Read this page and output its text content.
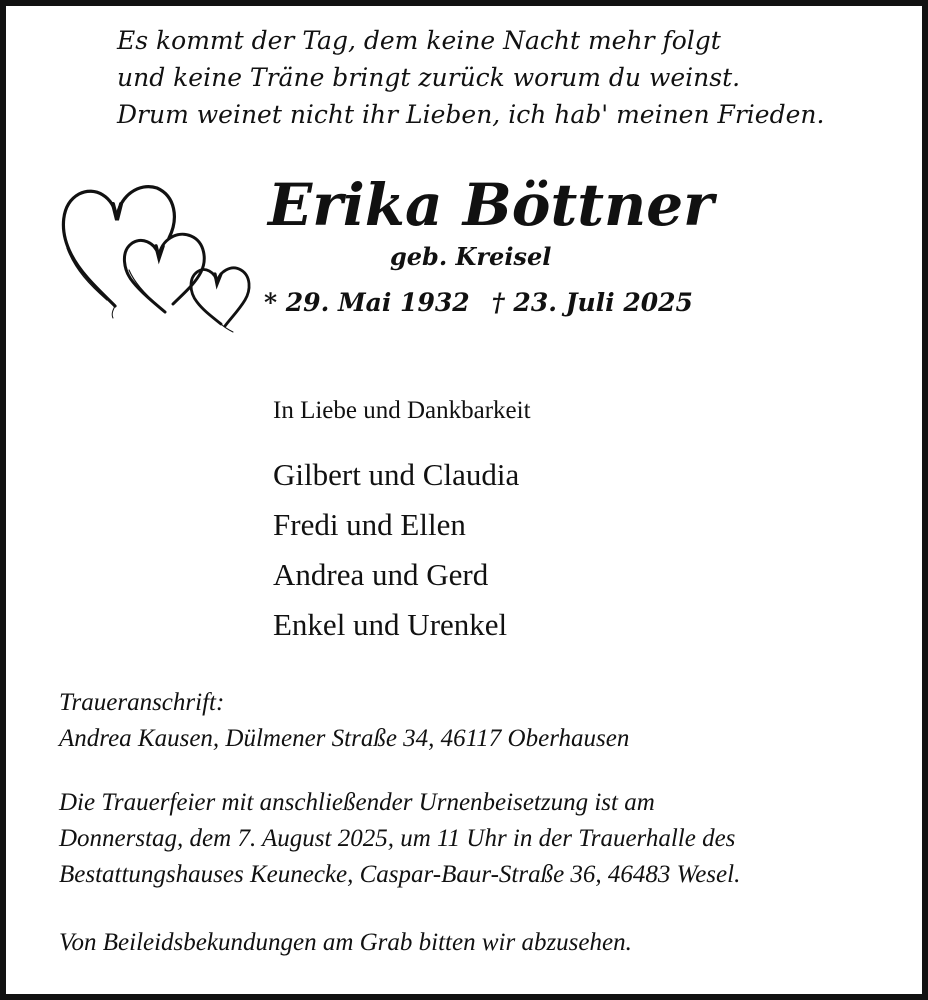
Es kommt der Tag, dem keine Nacht mehr folgt
und keine Träne bringt zurück worum du weinst.
Drum weinet nicht ihr Lieben, ich hab' meinen Frieden.
Erika Böttner
geb. Kreisel
* 29. Mai 1932 † 23. Juli 2025
In Liebe und Dankbarkeit
Gilbert und Claudia
Fredi und Ellen
Andrea und Gerd
Enkel und Urenkel
Traueranschrift:
Andrea Kausen, Dülmener Straße 34, 46117 Oberhausen
Die Trauerfeier mit anschließender Urnenbeisetzung ist am
Donnerstag, dem 7. August 2025, um 11 Uhr in der Trauerhalle des
Bestattungshauses Keunecke, Caspar-Baur-Straße 36, 46483 Wesel.
Von Beileidsbekundungen am Grab bitten wir abzusehen.
